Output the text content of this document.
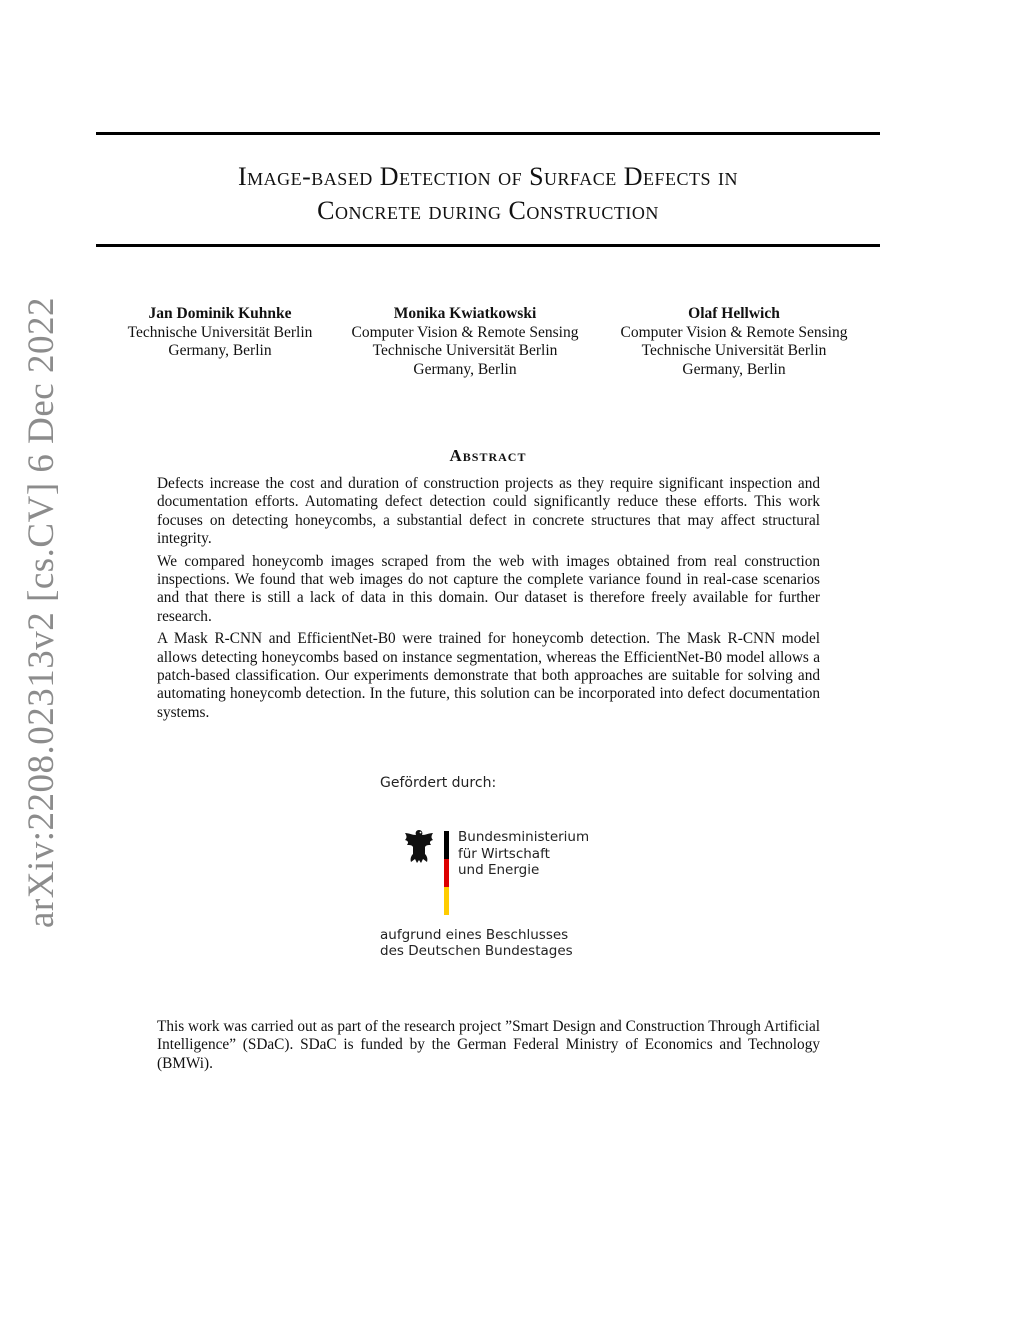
arXiv:2208.02313v2 [cs.CV] 6 Dec 2022
Image-based Detection of Surface Defects in
Concrete during Construction
Jan Dominik Kuhnke
Technische Universität Berlin
Germany, Berlin
Monika Kwiatkowski
Computer Vision & Remote Sensing
Technische Universität Berlin
Germany, Berlin
Olaf Hellwich
Computer Vision & Remote Sensing
Technische Universität Berlin
Germany, Berlin
Abstract

Defects increase the cost and duration of construction projects as they require significant inspection and documentation efforts. Automating defect detection could significantly reduce these efforts. This work focuses on detecting honeycombs, a substantial defect in concrete structures that may affect structural integrity.

We compared honeycomb images scraped from the web with images obtained from real construction inspections. We found that web images do not capture the complete variance found in real-case scenarios and that there is still a lack of data in this domain. Our dataset is therefore freely available for further research.

A Mask R-CNN and EfficientNet-B0 were trained for honeycomb detection. The Mask R-CNN model allows detecting honeycombs based on instance segmentation, whereas the EfficientNet-B0 model allows a patch-based classification. Our experiments demonstrate that both approaches are suitable for solving and automating honeycomb detection. In the future, this solution can be incorporated into defect documentation systems.

Gefördert durch:
Bundesministerium
für Wirtschaft
und Energie
aufgrund eines Beschlusses
des Deutschen Bundestages
This work was carried out as part of the research project ”Smart Design and Construction Through Artificial Intelligence” (SDaC). SDaC is funded by the German Federal Ministry of Economics and Technology (BMWi).
